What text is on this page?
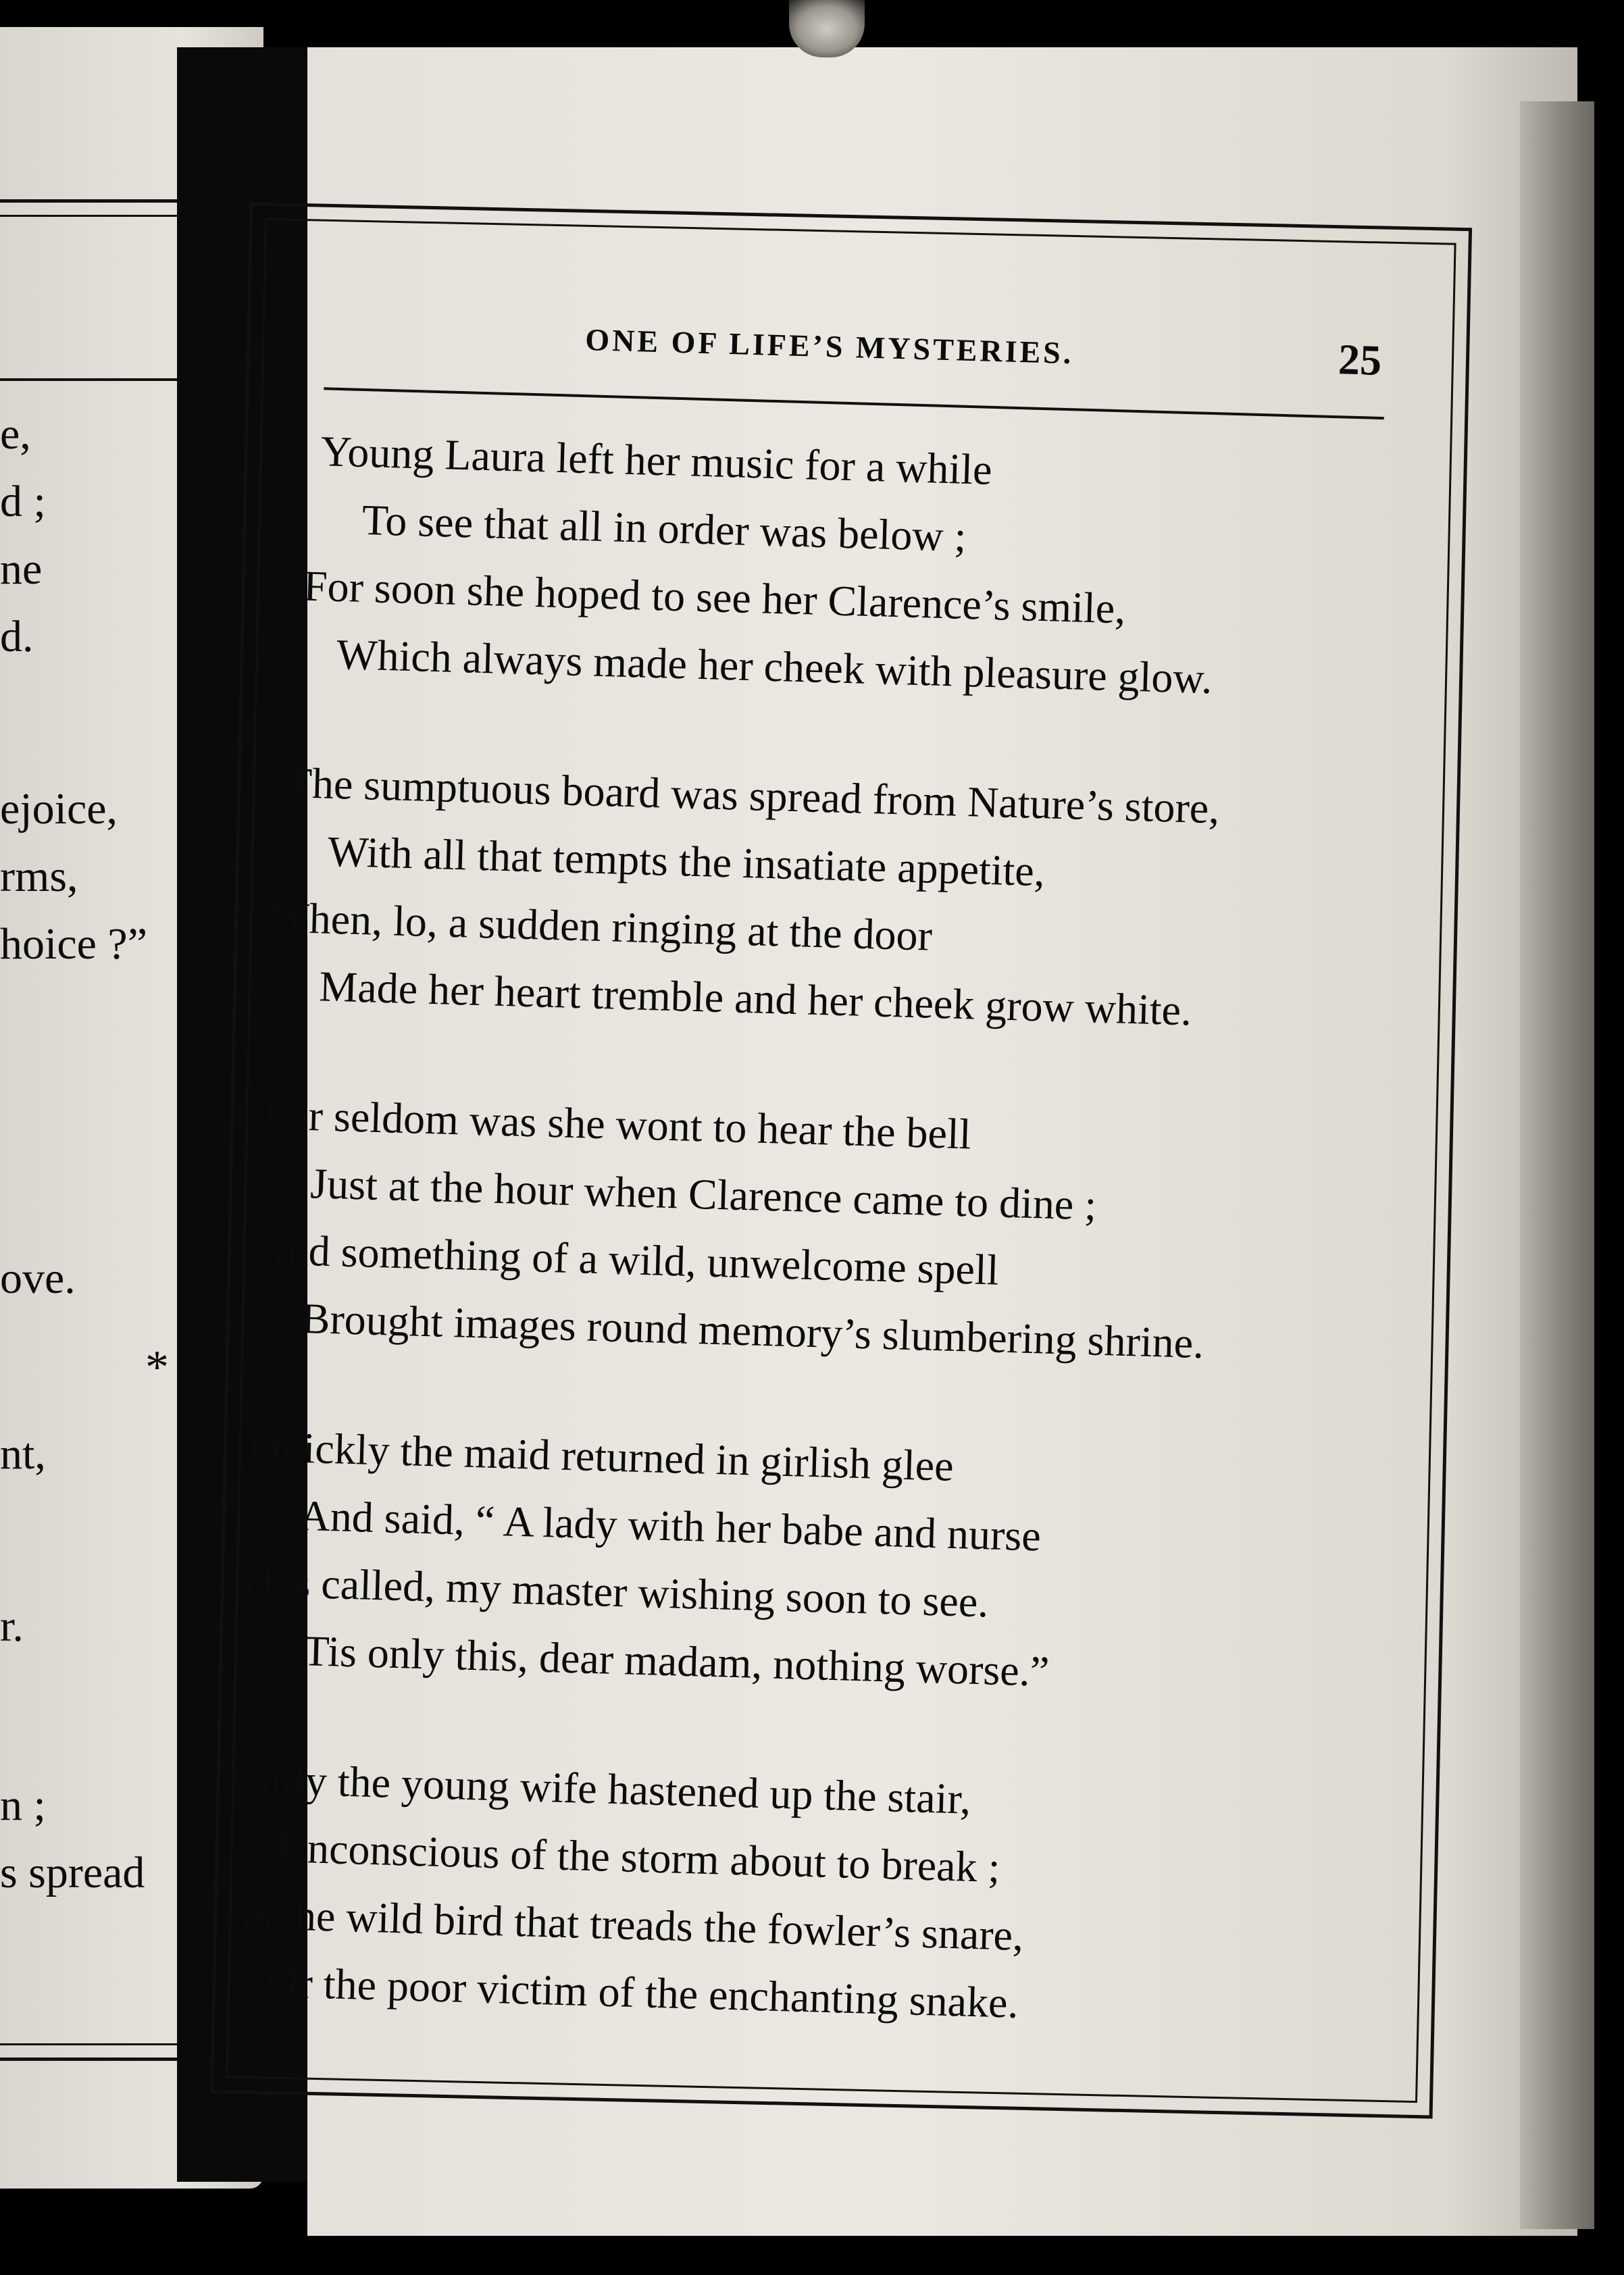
e,
d ;
ne
d.
ejoice,
rms,
hoice ?”
ove.
nt,
r.
n ;
s spread
*
ONE OF LIFE’S MYSTERIES.	25
Young Laura left her music for a while
To see that all in order was below ;
For soon she hoped to see her Clarence’s smile,
Which always made her cheek with pleasure glow.
The sumptuous board was spread from Nature’s store,
With all that tempts the insatiate appetite,
When, lo, a sudden ringing at the door
Made her heart tremble and her cheek grow white.
For seldom was she wont to hear the bell
Just at the hour when Clarence came to dine ;
And something of a wild, unwelcome spell
Brought images round memory’s slumbering shrine.
Quickly the maid returned in girlish glee
And said, “ A lady with her babe and nurse
Has called, my master wishing soon to see.
’Tis only this, dear madam, nothing worse.”
Gaily the young wife hastened up the stair,
Unconscious of the storm about to break ;
As the wild bird that treads the fowler’s snare,
Or the poor victim of the enchanting snake.
